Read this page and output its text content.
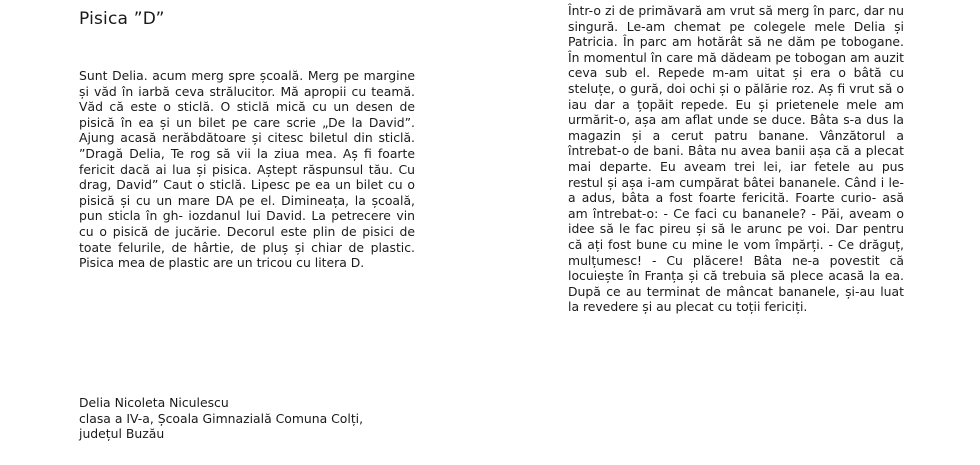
Pisica ”D”

Sunt Delia. acum merg spre școală. Merg pe margine și văd în iarbă ceva strălucitor. Mă apropii cu teamă. Văd că este o sticlă. O sticlă mică cu un desen de pisică în ea și un bilet pe care scrie „De la David”. Ajung acasă nerăbdătoare și citesc biletul din sticlă. ”Dragă Delia, Te rog să vii la ziua mea. Aș fi foarte fericit dacă ai lua și pisica. Aștept răspunsul tău. Cu drag, David” Caut o sticlă. Lipesc pe ea un bilet cu o pisică și cu un mare DA pe el. Dimineața, la școală, pun sticla în gh- iozdanul lui David. La petrecere vin cu o pisică de jucărie. Decorul este plin de pisici de toate felurile, de hârtie, de pluș și chiar de plastic. Pisica mea de plastic are un tricou cu litera D.

Într-o zi de primăvară am vrut să merg în parc, dar nu singură. Le-am chemat pe colegele mele Delia și Patricia. În parc am hotărât să ne dăm pe tobogane. În momentul în care mă dădeam pe tobogan am auzit ceva sub el. Repede m-am uitat și era o bâtă cu steluțe, o gură, doi ochi și o pălărie roz. Aș fi vrut să o iau dar a țopăit repede. Eu și prietenele mele am urmărit-o, așa am aflat unde se duce. Bâta s-a dus la magazin și a cerut patru banane. Vânzătorul a întrebat-o de bani. Bâta nu avea banii așa că a plecat mai departe. Eu aveam trei lei, iar fetele au pus restul și așa i-am cumpărat bâtei bananele. Când i le-a adus, bâta a fost foarte fericită. Foarte curio- asă am întrebat-o: - Ce faci cu bananele? - Păi, aveam o idee să le fac pireu și să le arunc pe voi. Dar pentru că ați fost bune cu mine le vom împărți. - Ce drăguț, mulțumesc! - Cu plăcere! Bâta ne-a povestit că locuiește în Franța și că trebuia să plece acasă la ea. După ce au terminat de mâncat bananele, și-au luat la revedere și au plecat cu toții fericiți.

Delia Nicoleta Niculescu
clasa a IV-a, Școala Gimnazială Comuna Colți,
județul Buzău
